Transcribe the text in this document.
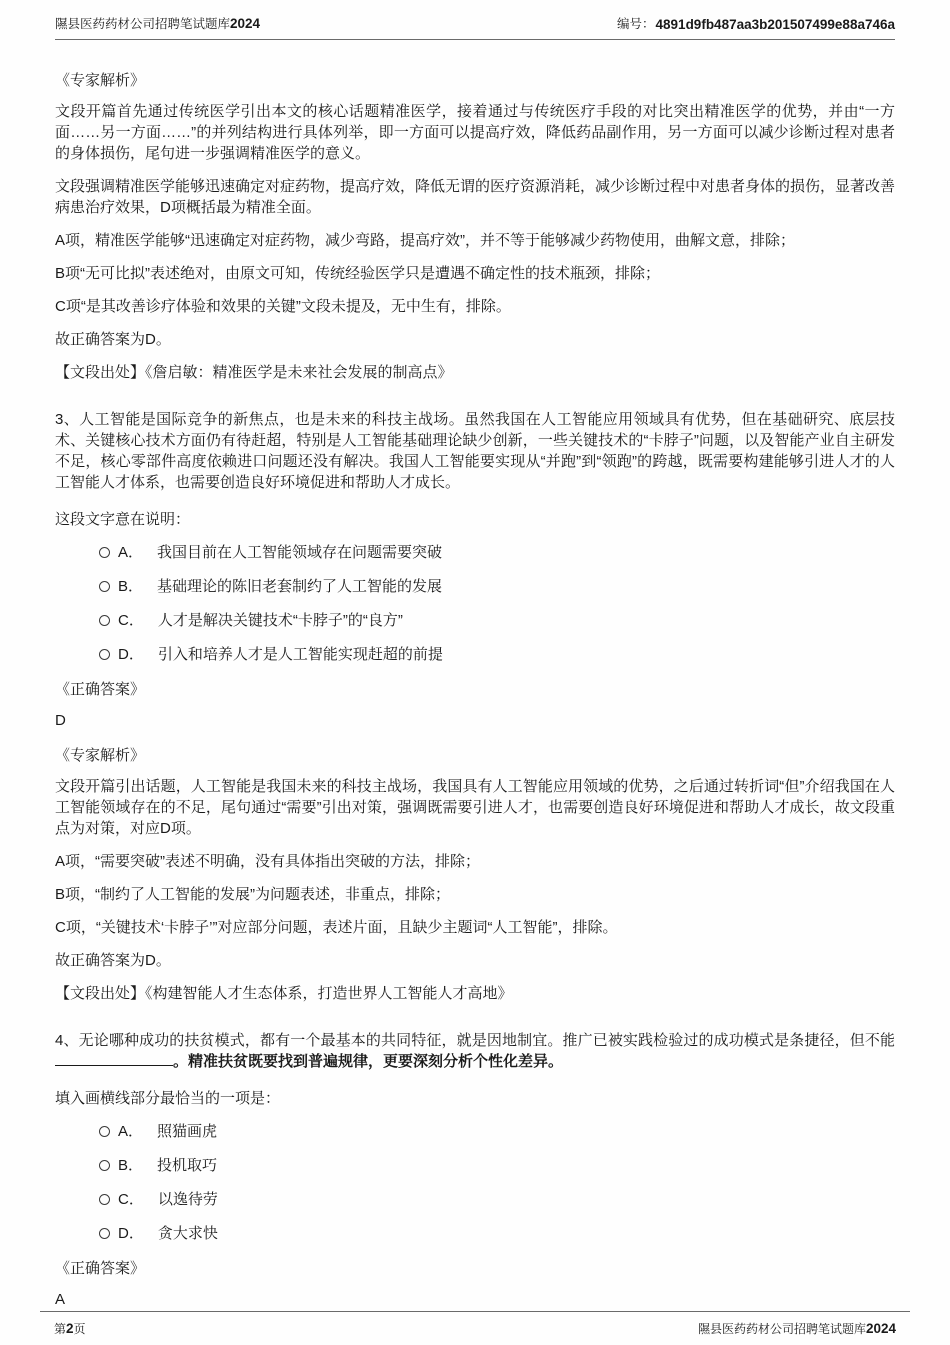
隰县医药药材公司招聘笔试题库2024	编号： 4891d9fb487aa3b201507499e88a746a
《专家解析》
文段开篇首先通过传统医学引出本文的核心话题精准医学，接着通过与传统医疗手段的对比突出精准医学的优势，并由“一方面……另一方面……”的并列结构进行具体列举，即一方面可以提高疗效，降低药品副作用，另一方面可以减少诊断过程对患者的身体损伤，尾句进一步强调精准医学的意义。
文段强调精准医学能够迅速确定对症药物，提高疗效，降低无谓的医疗资源消耗，减少诊断过程中对患者身体的损伤，显著改善病患治疗效果，D项概括最为精准全面。
A项，精准医学能够“迅速确定对症药物，减少弯路，提高疗效”，并不等于能够减少药物使用，曲解文意，排除；
B项“无可比拟”表述绝对，由原文可知，传统经验医学只是遭遇不确定性的技术瓶颈，排除；
C项“是其改善诊疗体验和效果的关键”文段未提及，无中生有，排除。
故正确答案为D。
【文段出处】《詹启敏：精准医学是未来社会发展的制高点》
3、人工智能是国际竞争的新焦点，也是未来的科技主战场。虽然我国在人工智能应用领域具有优势，但在基础研究、底层技术、关键核心技术方面仍有待赶超，特别是人工智能基础理论缺少创新，一些关键技术的“卡脖子”问题，以及智能产业自主研发不足，核心零部件高度依赖进口问题还没有解决。我国人工智能要实现从“并跑”到“领跑”的跨越，既需要构建能够引进人才的人工智能人才体系，也需要创造良好环境促进和帮助人才成长。
这段文字意在说明：
A． 我国目前在人工智能领域存在问题需要突破
B． 基础理论的陈旧老套制约了人工智能的发展
C． 人才是解决关键技术“卡脖子”的“良方”
D． 引入和培养人才是人工智能实现赶超的前提
《正确答案》
D
《专家解析》
文段开篇引出话题，人工智能是我国未来的科技主战场，我国具有人工智能应用领域的优势，之后通过转折词“但”介绍我国在人工智能领域存在的不足，尾句通过“需要”引出对策，强调既需要引进人才，也需要创造良好环境促进和帮助人才成长，故文段重点为对策，对应D项。
A项，“需要突破”表述不明确，没有具体指出突破的方法，排除；
B项，“制约了人工智能的发展”为问题表述，非重点，排除；
C项，“关键技术‘卡脖子’”对应部分问题，表述片面，且缺少主题词“人工智能”，排除。
故正确答案为D。
【文段出处】《构建智能人才生态体系，打造世界人工智能人才高地》
4、无论哪种成功的扶贫模式，都有一个最基本的共同特征，就是因地制宜。推广已被实践检验过的成功模式是条捷径，但不能。精准扶贫既要找到普遍规律，更要深刻分析个性化差异。
填入画横线部分最恰当的一项是：
A． 照猫画虎
B． 投机取巧
C． 以逸待劳
D． 贪大求快
《正确答案》
A
第2页	隰县医药药材公司招聘笔试题库 2024
